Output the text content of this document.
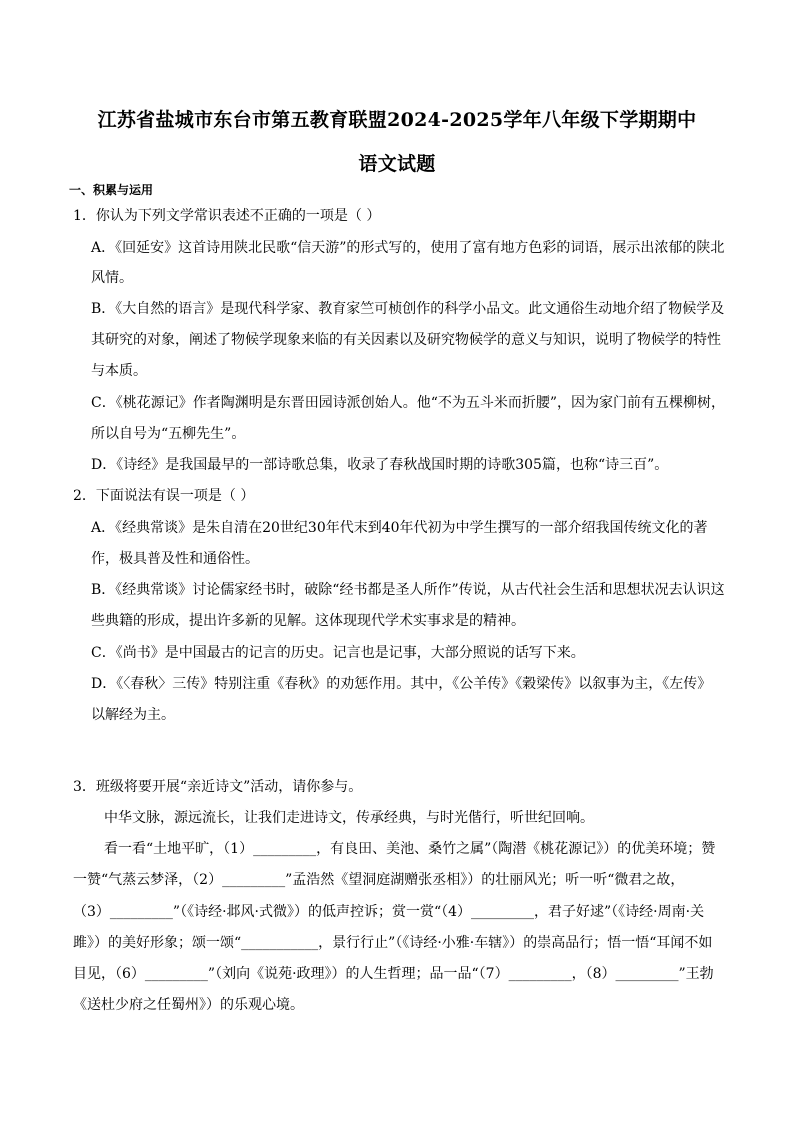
江苏省盐城市东台市第五教育联盟2024-2025学年八年级下学期期中
语文试题
一、积累与运用
1．你认为下列文学常识表述不正确的一项是（ ）
A．《回延安》这首诗用陕北民歌“信天游”的形式写的，使用了富有地方色彩的词语，展示出浓郁的陕北
风情。
B．《大自然的语言》是现代科学家、教育家竺可桢创作的科学小品文。此文通俗生动地介绍了物候学及
其研究的对象，阐述了物候学现象来临的有关因素以及研究物候学的意义与知识，说明了物候学的特性
与本质。
C．《桃花源记》作者陶渊明是东晋田园诗派创始人。他“不为五斗米而折腰”，因为家门前有五棵柳树，
所以自号为“五柳先生”。
D．《诗经》是我国最早的一部诗歌总集，收录了春秋战国时期的诗歌305篇，也称“诗三百”。
2．下面说法有误一项是（ ）
A．《经典常谈》是朱自清在20世纪30年代末到40年代初为中学生撰写的一部介绍我国传统文化的著
作，极具普及性和通俗性。
B．《经典常谈》讨论儒家经书时，破除“经书都是圣人所作”传说，从古代社会生活和思想状况去认识这
些典籍的形成，提出许多新的见解。这体现现代学术实事求是的精神。
C．《尚书》是中国最古的记言的历史。记言也是记事，大部分照说的话写下来。
D．《〈春秋〉三传》特别注重《春秋》的劝惩作用。其中，《公羊传》《穀梁传》以叙事为主，《左传》
以解经为主。
3．班级将要开展“亲近诗文”活动，请你参与。
中华文脉，源远流长，让我们走进诗文，传承经典，与时光偕行，听世纪回响。
看一看“土地平旷，（1）_________，有良田、美池、桑竹之属”（陶潜《桃花源记》）的优美环境；赞
一赞“气蒸云梦泽，（2）_________”孟浩然《望洞庭湖赠张丞相》）的壮丽风光；听一听“微君之故，
（3）_________”（《诗经·邶风·式微》）的低声控诉；赏一赏“（4）_________，君子好逑”（《诗经·周南·关
雎》）的美好形象；颂一颂“___________，景行行止”（《诗经·小雅·车辖》）的崇高品行；悟一悟“耳闻不如
目见，（6）_________”（刘向《说苑·政理》）的人生哲理；品一品“（7）_________，（8）_________”王勃
《送杜少府之任蜀州》）的乐观心境。
